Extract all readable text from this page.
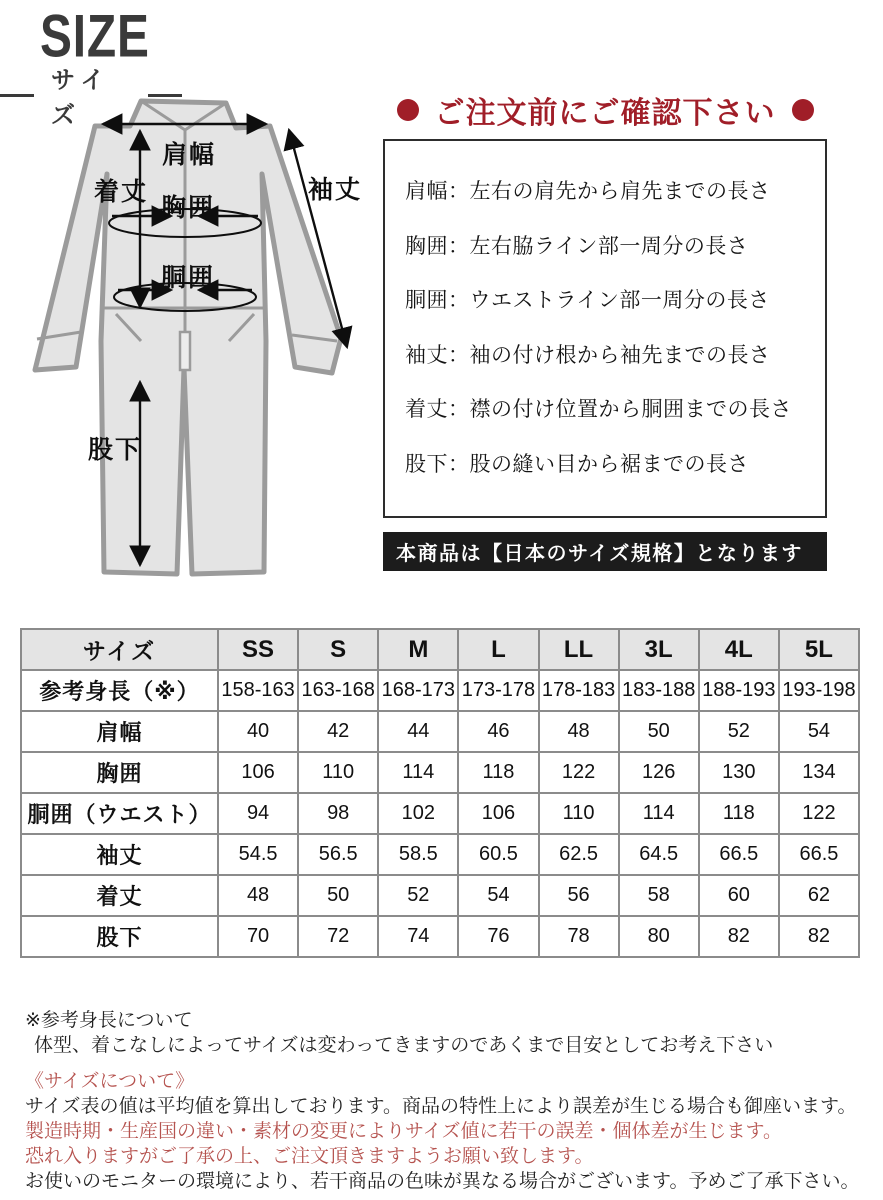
SIZE
サイズ
肩幅
着丈	袖丈
胸囲
胴囲
股下
ご注文前にご確認下さい
肩幅：左右の肩先から肩先までの長さ
胸囲：左右脇ライン部一周分の長さ
胴囲：ウエストライン部一周分の長さ
袖丈：袖の付け根から袖先までの長さ
着丈：襟の付け位置から胴囲までの長さ
股下：股の縫い目から裾までの長さ
本商品は【日本のサイズ規格】となります
サイズ	SS	S	M	L	LL	3L	4L	5L
参考身長（※）	158-163	163-168	168-173	173-178	178-183	183-188	188-193	193-198
肩幅	40	42	44	46	48	50	52	54
胸囲	106	110	114	118	122	126	130	134
胴囲（ウエスト）	94	98	102	106	110	114	118	122
袖丈	54.5	56.5	58.5	60.5	62.5	64.5	66.5	66.5
着丈	48	50	52	54	56	58	60	62
股下	70	72	74	76	78	80	82	82
※参考身長について
体型、着こなしによってサイズは変わってきますのであくまで目安としてお考え下さい
《サイズについて》
サイズ表の値は平均値を算出しております。商品の特性上により誤差が生じる場合も御座います。
製造時期・生産国の違い・素材の変更によりサイズ値に若干の誤差・個体差が生じます。
恐れ入りますがご了承の上、ご注文頂きますようお願い致します。
お使いのモニターの環境により、若干商品の色味が異なる場合がございます。予めご了承下さい。
